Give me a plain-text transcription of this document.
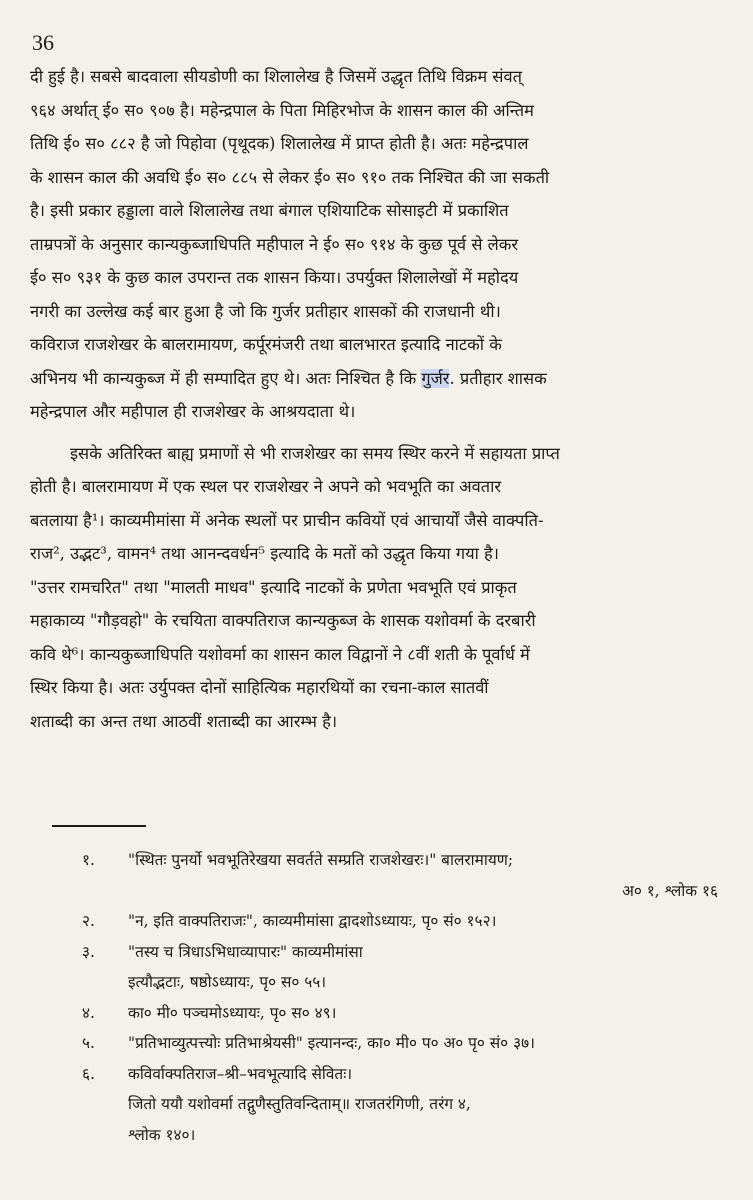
36
दी हुई है। सबसे बादवाला सीयडोणी का शिलालेख है जिसमें उद्धृत तिथि विक्रम संवत्
९६४ अर्थात् ई० स० ९०७ है। महेन्द्रपाल के पिता मिहिरभोज के शासन काल की अन्तिम
तिथि ई० स० ८८२ है जो पिहोवा (पृथूदक) शिलालेख में प्राप्त होती है। अतः महेन्द्रपाल
के शासन काल की अवधि ई० स० ८८५ से लेकर ई० स० ९१० तक निश्चित की जा सकती
है। इसी प्रकार हड्डाला वाले शिलालेख तथा बंगाल एशियाटिक सोसाइटी में प्रकाशित
ताम्रपत्रों के अनुसार कान्यकुब्जाधिपति महीपाल ने ई० स० ९१४ के कुछ पूर्व से लेकर
ई० स० ९३१ के कुछ काल उपरान्त तक शासन किया। उपर्युक्त शिलालेखों में महोदय
नगरी का उल्लेख कई बार हुआ है जो कि गुर्जर प्रतीहार शासकों की राजधानी थी।
कविराज राजशेखर के बालरामायण, कर्पूरमंजरी तथा बालभारत इत्यादि नाटकों के
अभिनय भी कान्यकुब्ज में ही सम्पादित हुए थे। अतः निश्चित है कि गुर्जर. प्रतीहार शासक
महेन्द्रपाल और महीपाल ही राजशेखर के आश्रयदाता थे।
इसके अतिरिक्त बाह्य प्रमाणों से भी राजशेखर का समय स्थिर करने में सहायता प्राप्त
होती है। बालरामायण में एक स्थल पर राजशेखर ने अपने को भवभूति का अवतार
बतलाया है¹। काव्यमीमांसा में अनेक स्थलों पर प्राचीन कवियों एवं आचार्यों जैसे वाक्पति-
राज², उद्भट³, वामन⁴ तथा आनन्दवर्धन⁵ इत्यादि के मतों को उद्धृत किया गया है।
"उत्तर रामचरित" तथा "मालती माधव" इत्यादि नाटकों के प्रणेता भवभूति एवं प्राकृत
महाकाव्य "गौड़वहो" के रचयिता वाक्पतिराज कान्यकुब्ज के शासक यशोवर्मा के दरबारी
कवि थे⁶। कान्यकुब्जाधिपति यशोवर्मा का शासन काल विद्वानों ने ८वीं शती के पूर्वार्ध में
स्थिर किया है। अतः उर्युपक्त दोनों साहित्यिक महारथियों का रचना-काल सातवीं
शताब्दी का अन्त तथा आठवीं शताब्दी का आरम्भ है।
१. "स्थितः पुनर्यो भवभूतिरेखया सवर्तते सम्प्रति राजशेखरः।" बालरामायण;
अ० १, श्लोक १६
२. "न, इति वाक्पतिराजः", काव्यमीमांसा द्वादशोऽध्यायः, पृ० सं० १५२।
३. "तस्य च त्रिधाऽभिधाव्यापारः" काव्यमीमांसा
इत्यौद्भटाः, षष्ठोऽध्यायः, पृ० स० ५५।
४. का० मी० पञ्चमोऽध्यायः, पृ० स० ४९।
५. "प्रतिभाव्युत्पत्त्योः प्रतिभाश्रेयसी" इत्यानन्दः, का० मी० प० अ० पृ० सं० ३७।
६. कविर्वाक्पतिराज–श्री–भवभूत्यादि सेवितः।
जितो ययौ यशोवर्मा तद्गुणैस्तुतिवन्दिताम्॥ राजतरंगिणी, तरंग ४,
श्लोक १४०।
